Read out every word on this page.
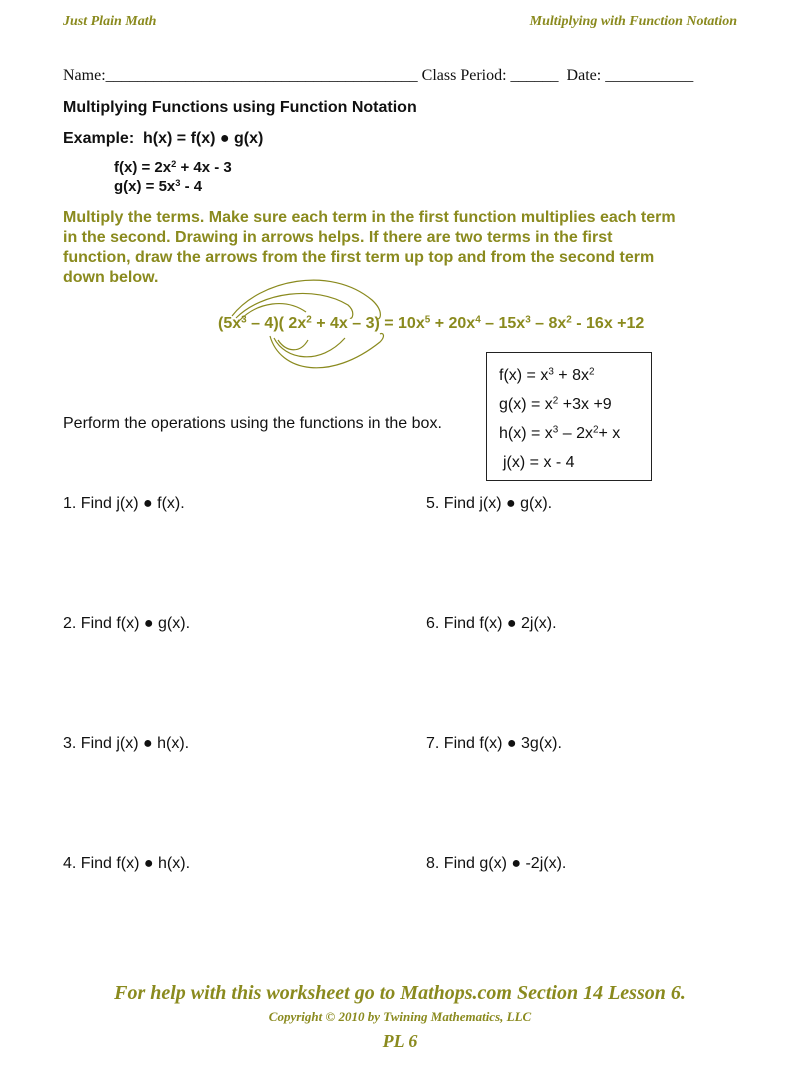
Just Plain Math	Multiplying with Function Notation
Name:_______________________________________ Class Period: ______ Date: ___________
Multiplying Functions using Function Notation
Example: h(x) = f(x) ● g(x)
$f(x) = 2x^2 + 4x - 3$
$g(x) = 5x^3 - 4$
Multiply the terms. Make sure each term in the first function multiplies each term
in the second. Drawing in arrows helps. If there are two terms in the first
function, draw the arrows from the first term up top and from the second term
down below.
$(5x^3 - 4)$( $2x^2 + 4x - 3) = 10x^5 + 20x^4 - 15x^3 - 8x^2 - 16x +12$
Perform the operations using the functions in the box.
$f(x) = x^3 + 8x^2$
$g(x) = x^2 +3x +9$
$h(x) = x^3 - 2x^2+ x$
j(x) = x - 4
1. Find j(x) ● f(x).
2. Find f(x) ● g(x).
3. Find j(x) ● h(x).
4. Find f(x) ● h(x).
5. Find j(x) ● g(x).
6. Find f(x) ● 2j(x).
7. Find f(x) ● 3g(x).
8. Find g(x) ● -2j(x).
For help with this worksheet go to Mathops.com Section 14 Lesson 6.
Copyright © 2010 by Twining Mathematics, LLC
PL 6
